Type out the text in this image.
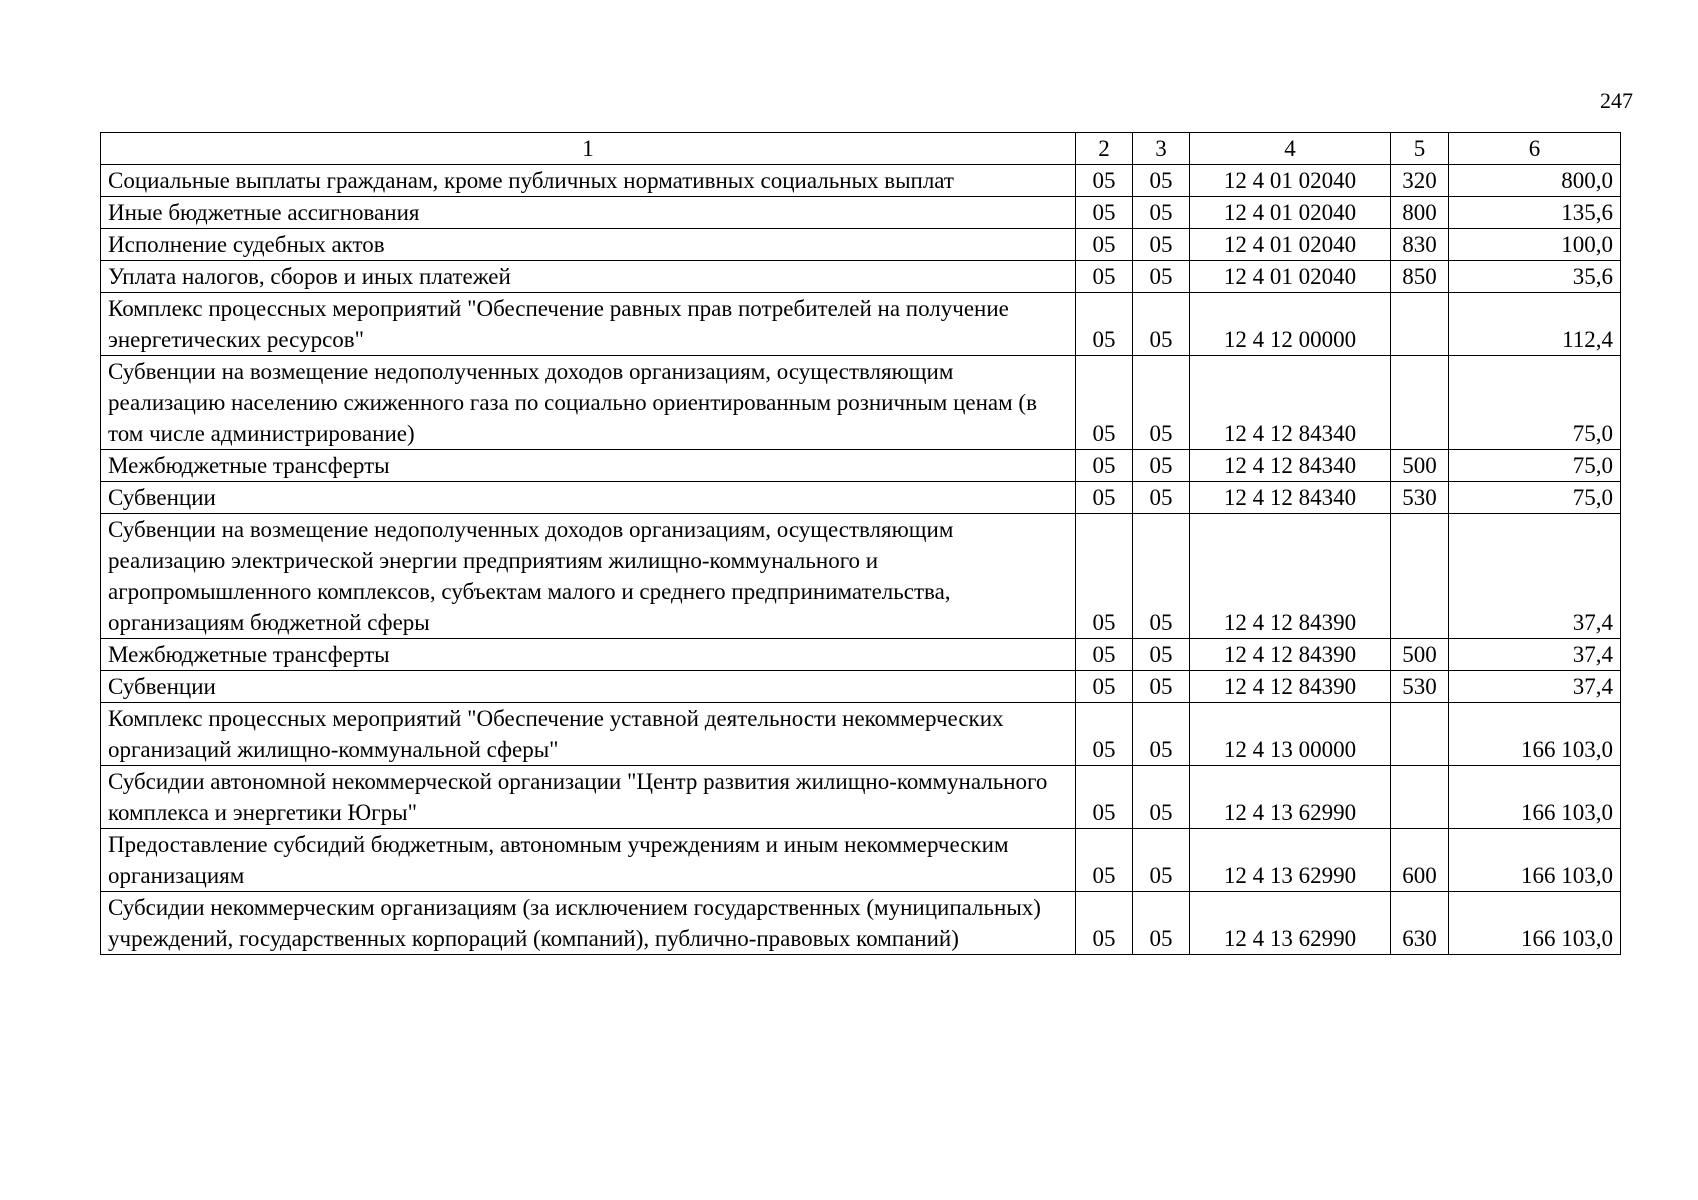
247
1	2	3	4	5	6
Социальные выплаты гражданам, кроме публичных нормативных социальных выплат	05	05	12 4 01 02040	320	800,0
Иные бюджетные ассигнования	05	05	12 4 01 02040	800	135,6
Исполнение судебных актов	05	05	12 4 01 02040	830	100,0
Уплата налогов, сборов и иных платежей	05	05	12 4 01 02040	850	35,6
Комплекс процессных мероприятий "Обеспечение равных прав потребителей на получение энергетических ресурсов"	05	05	12 4 12 00000		112,4
Субвенции на возмещение недополученных доходов организациям, осуществляющим реализацию населению сжиженного газа по социально ориентированным розничным ценам (в том числе администрирование)	05	05	12 4 12 84340		75,0
Межбюджетные трансферты	05	05	12 4 12 84340	500	75,0
Субвенции	05	05	12 4 12 84340	530	75,0
Субвенции на возмещение недополученных доходов организациям, осуществляющим реализацию электрической энергии предприятиям жилищно-коммунального и агропромышленного комплексов, субъектам малого и среднего предпринимательства, организациям бюджетной сферы	05	05	12 4 12 84390		37,4
Межбюджетные трансферты	05	05	12 4 12 84390	500	37,4
Субвенции	05	05	12 4 12 84390	530	37,4
Комплекс процессных мероприятий "Обеспечение уставной деятельности некоммерческих организаций жилищно-коммунальной сферы"	05	05	12 4 13 00000		166 103,0
Субсидии автономной некоммерческой организации "Центр развития жилищно-коммунального комплекса и энергетики Югры"	05	05	12 4 13 62990		166 103,0
Предоставление субсидий бюджетным, автономным учреждениям и иным некоммерческим организациям	05	05	12 4 13 62990	600	166 103,0
Субсидии некоммерческим организациям (за исключением государственных (муниципальных) учреждений, государственных корпораций (компаний), публично-правовых компаний)	05	05	12 4 13 62990	630	166 103,0
